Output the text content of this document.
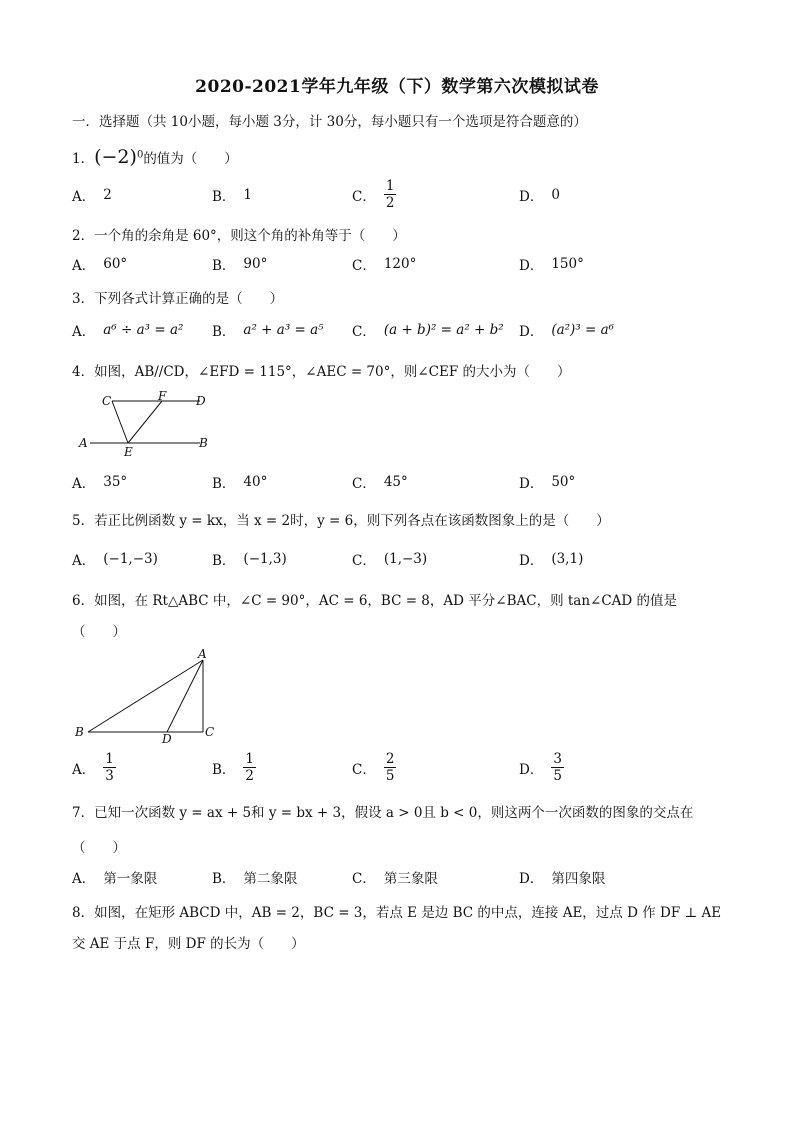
2020-2021学年九年级（下）数学第六次模拟试卷
一．选择题（共 10小题，每小题 3分，计 30分，每小题只有一个选项是符合题意的）
1．$(-2)^0$的值为（　　）
A． 2	B． 1	C． $\frac{1}{2}$	D． 0
2．一个角的余角是 60°，则这个角的补角等于（　　）
A． 60°	B． 90°	C． 120°	D． 150°
3．下列各式计算正确的是（　　）
A． a⁶ ÷ a³ = a² B． a² + a³ = a⁵ C． (a + b)² = a² + b² D． (a²)³ = a⁶
4．如图，AB//CD，∠EFD = 115°，∠AEC = 70°，则∠CEF 的大小为（　　）
C	F D
A
E
B
A． 35°	B． 40°	C． 45°	D． 50°
5．若正比例函数 y = kx，当 x = 2时，y = 6，则下列各点在该函数图象上的是（　　）
A． (−1,−3)	B． (−1,3)	C． (1,−3)	D． (3,1)
6．如图，在 Rt△ABC 中，∠C = 90°，AC = 6，BC = 8，AD 平分∠BAC，则 tan∠CAD 的值是
（　　）
A
B	D	C
A． $\frac{1}{3}$	B． $\frac{1}{2}$	C． $\frac{2}{5}$	D． $\frac{3}{5}$
7．已知一次函数 y = ax + 5和 y = bx + 3，假设 a > 0且 b < 0，则这两个一次函数的图象的交点在
（　　）
A． 第一象限	B． 第二象限	C． 第三象限	D． 第四象限
8．如图，在矩形 ABCD 中，AB = 2，BC = 3，若点 E 是边 BC 的中点，连接 AE，过点 D 作 DF ⊥ AE
交 AE 于点 F，则 DF 的长为（　　）
